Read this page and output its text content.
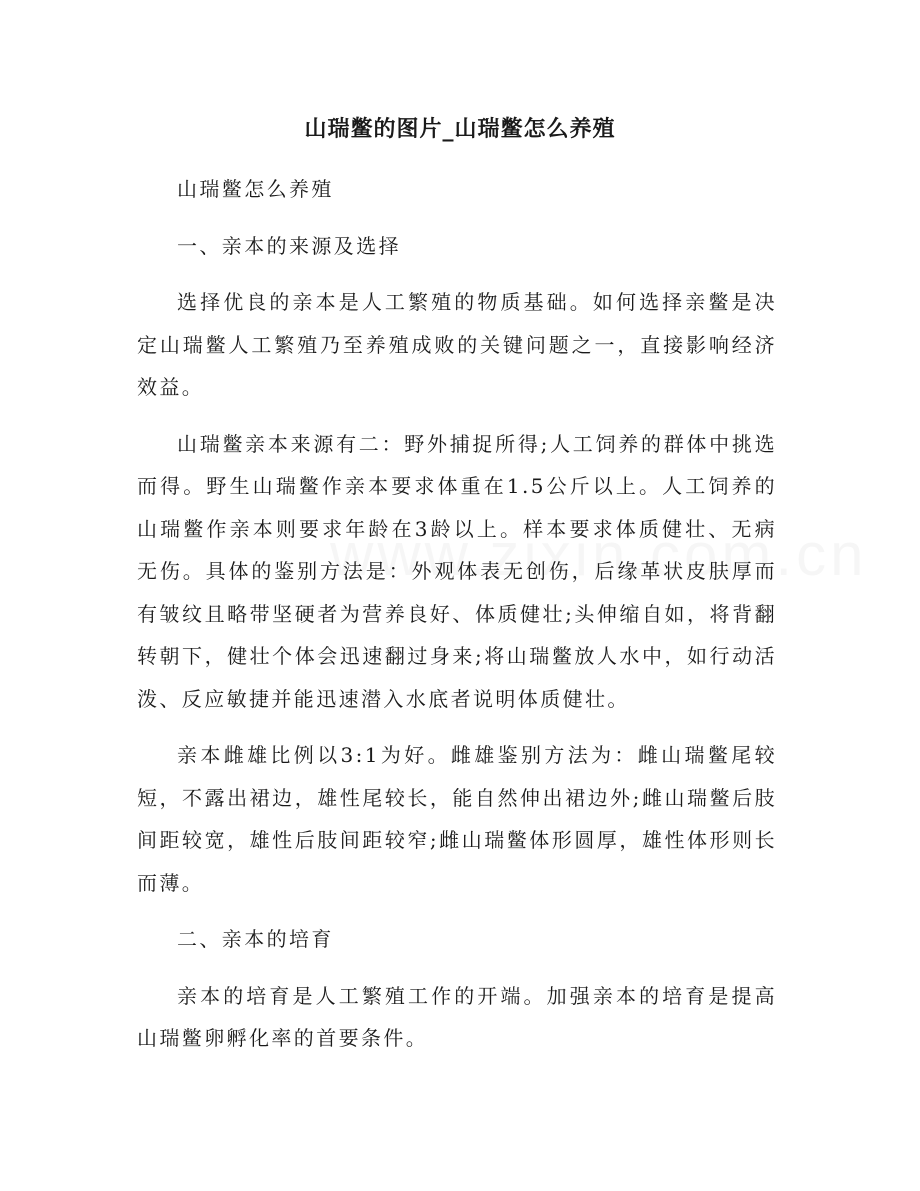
山瑞鳖的图片_山瑞鳖怎么养殖
山瑞鳖怎么养殖
一、亲本的来源及选择

选择优良的亲本是人工繁殖的物质基础。如何选择亲鳖是决定山瑞鳖人工繁殖乃至养殖成败的关键问题之一，直接影响经济效益。

山瑞鳖亲本来源有二：野外捕捉所得;人工饲养的群体中挑选而得。野生山瑞鳖作亲本要求体重在1.5公斤以上。人工饲养的山瑞鳖作亲本则要求年龄在3龄以上。样本要求体质健壮、无病无伤。具体的鉴别方法是：外观体表无创伤，后缘革状皮肤厚而有皱纹且略带坚硬者为营养良好、体质健壮;头伸缩自如，将背翻转朝下，健壮个体会迅速翻过身来;将山瑞鳖放人水中，如行动活泼、反应敏捷并能迅速潜入水底者说明体质健壮。

亲本雌雄比例以3:1为好。雌雄鉴别方法为：雌山瑞鳖尾较短，不露出裙边，雄性尾较长，能自然伸出裙边外;雌山瑞鳖后肢间距较宽，雄性后肢间距较窄;雌山瑞鳖体形圆厚，雄性体形则长而薄。

二、亲本的培育

亲本的培育是人工繁殖工作的开端。加强亲本的培育是提高山瑞鳖卵孵化率的首要条件。
